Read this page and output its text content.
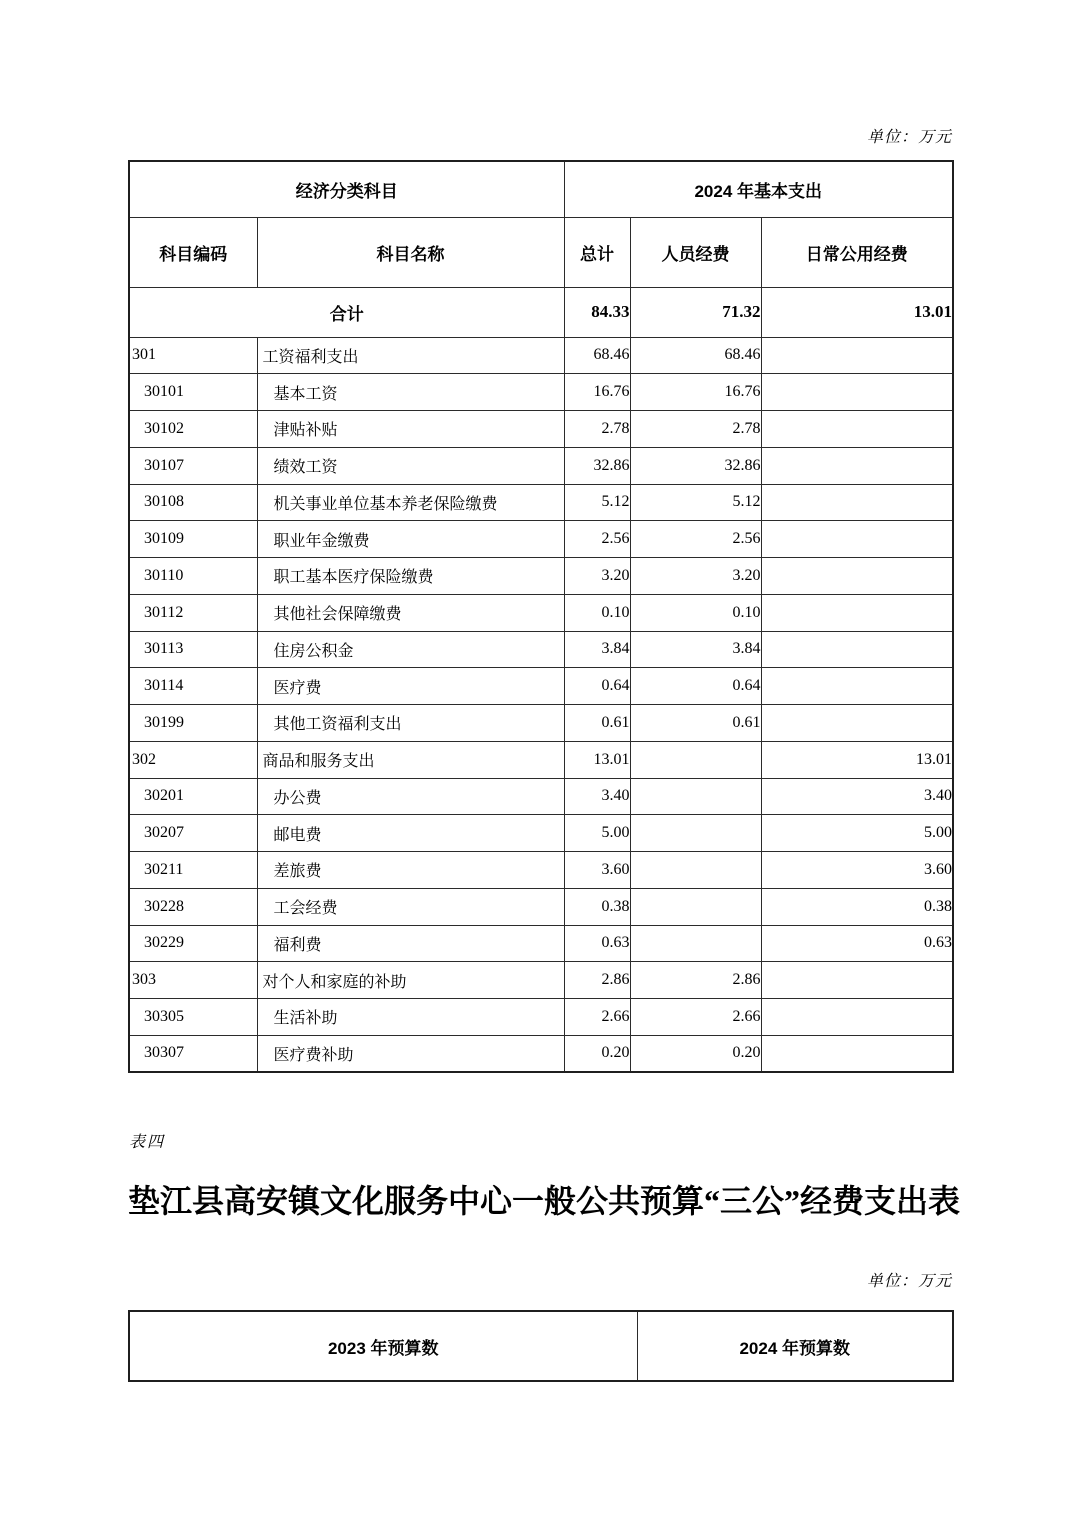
单位：万元
经济分类科目		2024 年基本支出		
科目编码	科目名称	总计	人员经费	日常公用经费
合计		84.33	71.32	13.01
301	工资福利支出	68.46	68.46	
30101	基本工资	16.76	16.76	
30102	津贴补贴	2.78	2.78	
30107	绩效工资	32.86	32.86	
30108	机关事业单位基本养老保险缴费	5.12	5.12	
30109	职业年金缴费	2.56	2.56	
30110	职工基本医疗保险缴费	3.20	3.20	
30112	其他社会保障缴费	0.10	0.10	
30113	住房公积金	3.84	3.84	
30114	医疗费	0.64	0.64	
30199	其他工资福利支出	0.61	0.61	
302	商品和服务支出	13.01		13.01
30201	办公费	3.40		3.40
30207	邮电费	5.00		5.00
30211	差旅费	3.60		3.60
30228	工会经费	0.38		0.38
30229	福利费	0.63		0.63
303	对个人和家庭的补助	2.86	2.86	
30305	生活补助	2.66	2.66	
30307	医疗费补助	0.20	0.20	
表四
垫江县高安镇文化服务中心一般公共预算“三公”经费支出表
单位：万元
2023 年预算数	2024 年预算数
